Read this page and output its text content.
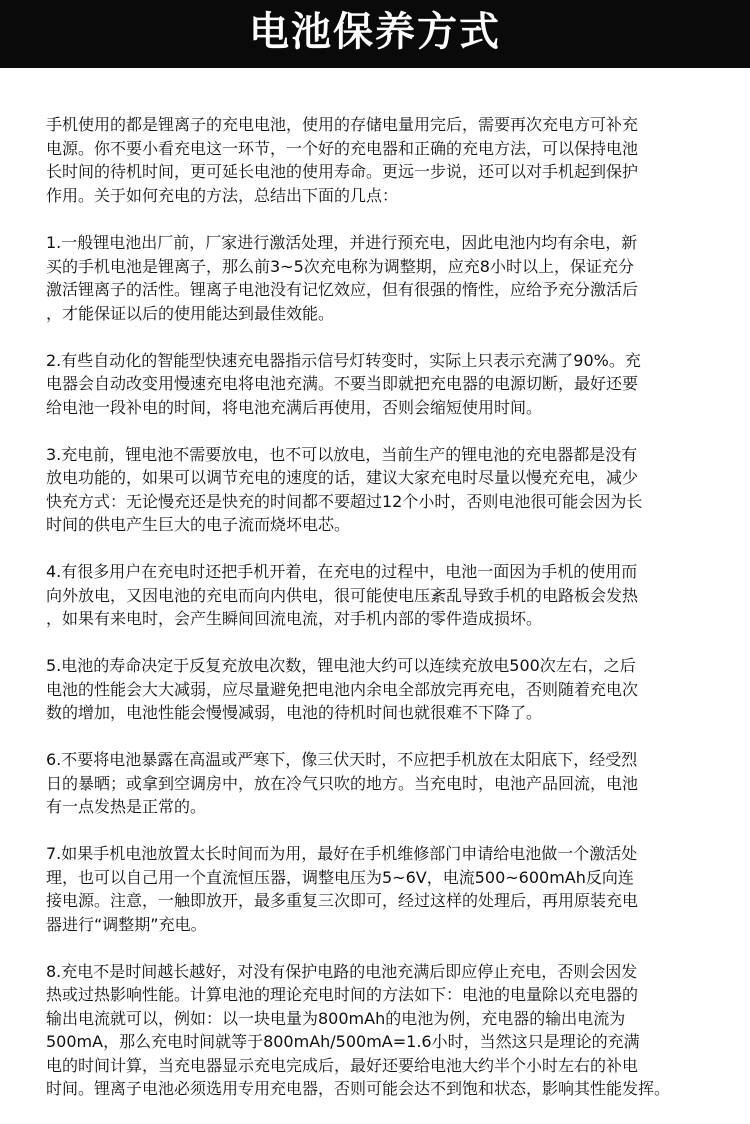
电池保养方式
手机使用的都是锂离子的充电电池，使用的存储电量用完后，需要再次充电方可补充
电源。你不要小看充电这一环节，一个好的充电器和正确的充电方法，可以保持电池
长时间的待机时间，更可延长电池的使用寿命。更远一步说，还可以对手机起到保护
作用。关于如何充电的方法，总结出下面的几点：
1.一般锂电池出厂前，厂家进行激活处理，并进行预充电，因此电池内均有余电，新
买的手机电池是锂离子，那么前3~5次充电称为调整期，应充8小时以上，保证充分
激活锂离子的活性。锂离子电池没有记忆效应，但有很强的惰性，应给予充分激活后
，才能保证以后的使用能达到最佳效能。
2.有些自动化的智能型快速充电器指示信号灯转变时，实际上只表示充满了90%。充
电器会自动改变用慢速充电将电池充满。不要当即就把充电器的电源切断，最好还要
给电池一段补电的时间，将电池充满后再使用，否则会缩短使用时间。
3.充电前，锂电池不需要放电，也不可以放电，当前生产的锂电池的充电器都是没有
放电功能的，如果可以调节充电的速度的话，建议大家充电时尽量以慢充充电，减少
快充方式：无论慢充还是快充的时间都不要超过12个小时，否则电池很可能会因为长
时间的供电产生巨大的电子流而烧坏电芯。
4.有很多用户在充电时还把手机开着，在充电的过程中，电池一面因为手机的使用而
向外放电，又因电池的充电而向内供电，很可能使电压紊乱导致手机的电路板会发热
，如果有来电时，会产生瞬间回流电流，对手机内部的零件造成损坏。
5.电池的寿命决定于反复充放电次数，锂电池大约可以连续充放电500次左右，之后
电池的性能会大大减弱，应尽量避免把电池内余电全部放完再充电，否则随着充电次
数的增加，电池性能会慢慢减弱，电池的待机时间也就很难不下降了。
6.不要将电池暴露在高温或严寒下，像三伏天时，不应把手机放在太阳底下，经受烈
日的暴晒；或拿到空调房中，放在冷气只吹的地方。当充电时，电池产品回流，电池
有一点发热是正常的。
7.如果手机电池放置太长时间而为用，最好在手机维修部门申请给电池做一个激活处
理，也可以自己用一个直流恒压器，调整电压为5~6V，电流500~600mAh反向连
接电源。注意，一触即放开，最多重复三次即可，经过这样的处理后，再用原装充电
器进行“调整期”充电。
8.充电不是时间越长越好，对没有保护电路的电池充满后即应停止充电，否则会因发
热或过热影响性能。计算电池的理论充电时间的方法如下：电池的电量除以充电器的
输出电流就可以，例如：以一块电量为800mAh的电池为例，充电器的输出电流为
500mA，那么充电时间就等于800mAh/500mA=1.6小时，当然这只是理论的充满
电的时间计算，当充电器显示充电完成后，最好还要给电池大约半个小时左右的补电
时间。锂离子电池必须选用专用充电器，否则可能会达不到饱和状态，影响其性能发挥。
